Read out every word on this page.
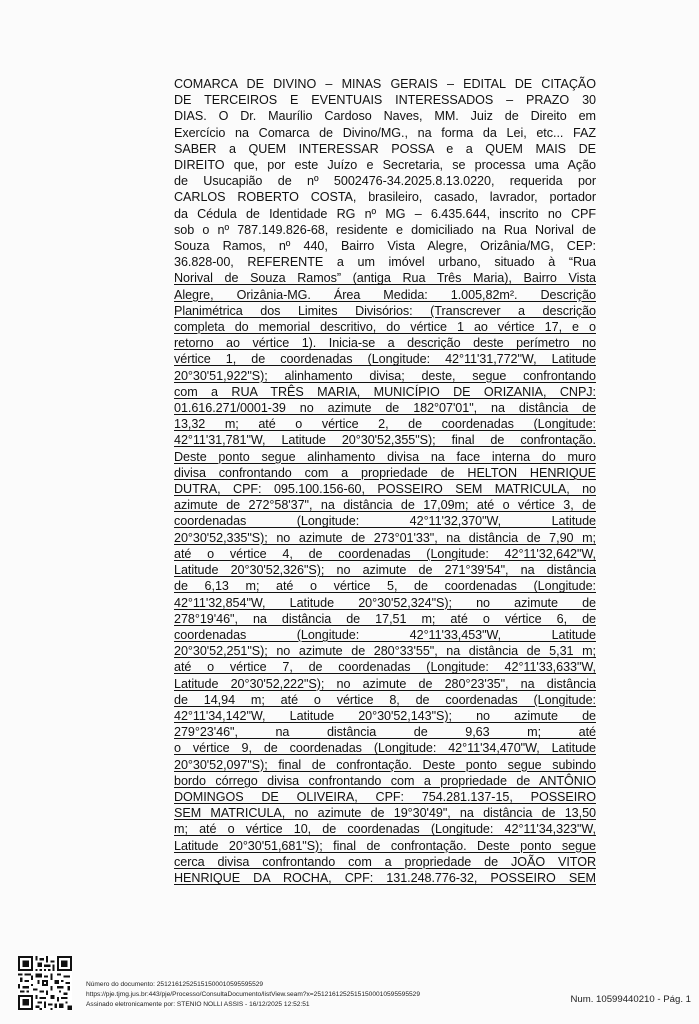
COMARCA DE DIVINO – MINAS GERAIS – EDITAL DE CITAÇÃO
DE TERCEIROS E EVENTUAIS INTERESSADOS – PRAZO 30
DIAS. O Dr. Maurílio Cardoso Naves, MM. Juiz de Direito em
Exercício na Comarca de Divino/MG., na forma da Lei, etc... FAZ
SABER a QUEM INTERESSAR POSSA e a QUEM MAIS DE
DIREITO que, por este Juízo e Secretaria, se processa uma Ação
de Usucapião de nº 5002476-34.2025.8.13.0220, requerida por
CARLOS ROBERTO COSTA, brasileiro, casado, lavrador, portador
da Cédula de Identidade RG nº MG – 6.435.644, inscrito no CPF
sob o nº 787.149.826-68, residente e domiciliado na Rua Norival de
Souza Ramos, nº 440, Bairro Vista Alegre, Orizânia/MG, CEP:
36.828-00, REFERENTE a um imóvel urbano, situado à “Rua
Norival de Souza Ramos” (antiga Rua Três Maria), Bairro Vista
Alegre, Orizânia-MG. Área Medida: 1.005,82m². Descrição
Planimétrica dos Limites Divisórios: (Transcrever a descrição
completa do memorial descritivo, do vértice 1 ao vértice 17, e o
retorno ao vértice 1). Inicia-se a descrição deste perímetro no
vértice 1, de coordenadas (Longitude: 42°11'31,772"W, Latitude
20°30'51,922"S); alinhamento divisa; deste, segue confrontando
com a RUA TRÊS MARIA, MUNICÍPIO DE ORIZANIA, CNPJ:
01.616.271/0001-39 no azimute de 182°07'01", na distância de
13,32 m; até o vértice 2, de coordenadas (Longitude:
42°11'31,781"W, Latitude 20°30'52,355"S); final de confrontação.
Deste ponto segue alinhamento divisa na face interna do muro
divisa confrontando com a propriedade de HELTON HENRIQUE
DUTRA, CPF: 095.100.156-60, POSSEIRO SEM MATRICULA, no
azimute de 272°58'37", na distância de 17,09m; até o vértice 3, de
coordenadas (Longitude: 42°11'32,370"W, Latitude
20°30'52,335"S); no azimute de 273°01'33", na distância de 7,90 m;
até o vértice 4, de coordenadas (Longitude: 42°11'32,642"W,
Latitude 20°30'52,326"S); no azimute de 271°39'54", na distância
de 6,13 m; até o vértice 5, de coordenadas (Longitude:
42°11'32,854"W, Latitude 20°30'52,324"S); no azimute de
278°19'46", na distância de 17,51 m; até o vértice 6, de
coordenadas (Longitude: 42°11'33,453"W, Latitude
20°30'52,251"S); no azimute de 280°33'55", na distância de 5,31 m;
até o vértice 7, de coordenadas (Longitude: 42°11'33,633"W,
Latitude 20°30'52,222"S); no azimute de 280°23'35", na distância
de 14,94 m; até o vértice 8, de coordenadas (Longitude:
42°11'34,142"W, Latitude 20°30'52,143"S); no azimute de
279°23'46", na distância de 9,63 m; até
o vértice 9, de coordenadas (Longitude: 42°11'34,470"W, Latitude
20°30'52,097"S); final de confrontação. Deste ponto segue subindo
bordo córrego divisa confrontando com a propriedade de ANTÔNIO
DOMINGOS DE OLIVEIRA, CPF: 754.281.137-15, POSSEIRO
SEM MATRICULA, no azimute de 19°30'49", na distância de 13,50
m; até o vértice 10, de coordenadas (Longitude: 42°11'34,323"W,
Latitude 20°30'51,681"S); final de confrontação. Deste ponto segue
cerca divisa confrontando com a propriedade de JOÃO VITOR
HENRIQUE DA ROCHA, CPF: 131.248.776-32, POSSEIRO SEM
Número do documento: 25121612525151500010595595529
https://pje.tjmg.jus.br:443/pje/Processo/ConsultaDocumento/listView.seam?x=25121612525151500010595595529
Assinado eletronicamente por: STENIO NOLLI ASSIS - 16/12/2025 12:52:51	Num. 10599440210 - Pág. 1
